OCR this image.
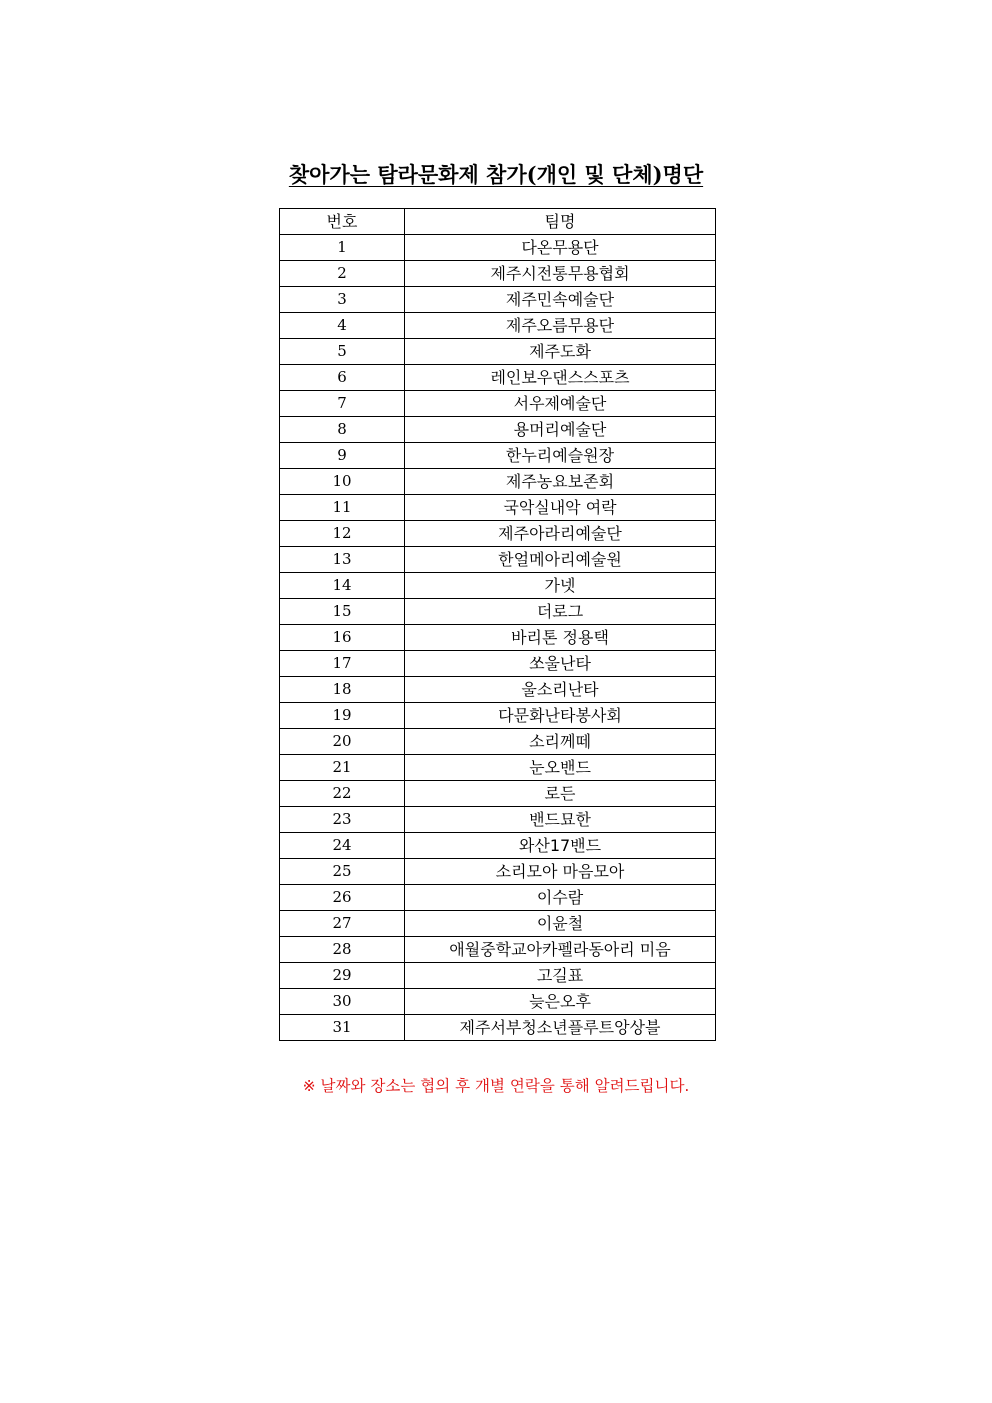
찾아가는 탐라문화제 참가(개인 및 단체)명단
번호	팀명
1	다온무용단
2	제주시전통무용협회
3	제주민속예술단
4	제주오름무용단
5	제주도화
6	레인보우댄스스포츠
7	서우제예술단
8	용머리예술단
9	한누리예슬원장
10	제주농요보존회
11	국악실내악 여락
12	제주아라리예술단
13	한얼메아리예술원
14	가넷
15	더로그
16	바리톤 정용택
17	쏘울난타
18	울소리난타
19	다문화난타봉사회
20	소리께떼
21	눈오밴드
22	로든
23	밴드묘한
24	와산17밴드
25	소리모아 마음모아
26	이수람
27	이윤철
28	애월중학교아카펠라동아리 미음
29	고길표
30	늦은오후
31	제주서부청소년플루트앙상블
※ 날짜와 장소는 협의 후 개별 연락을 통해 알려드립니다.
